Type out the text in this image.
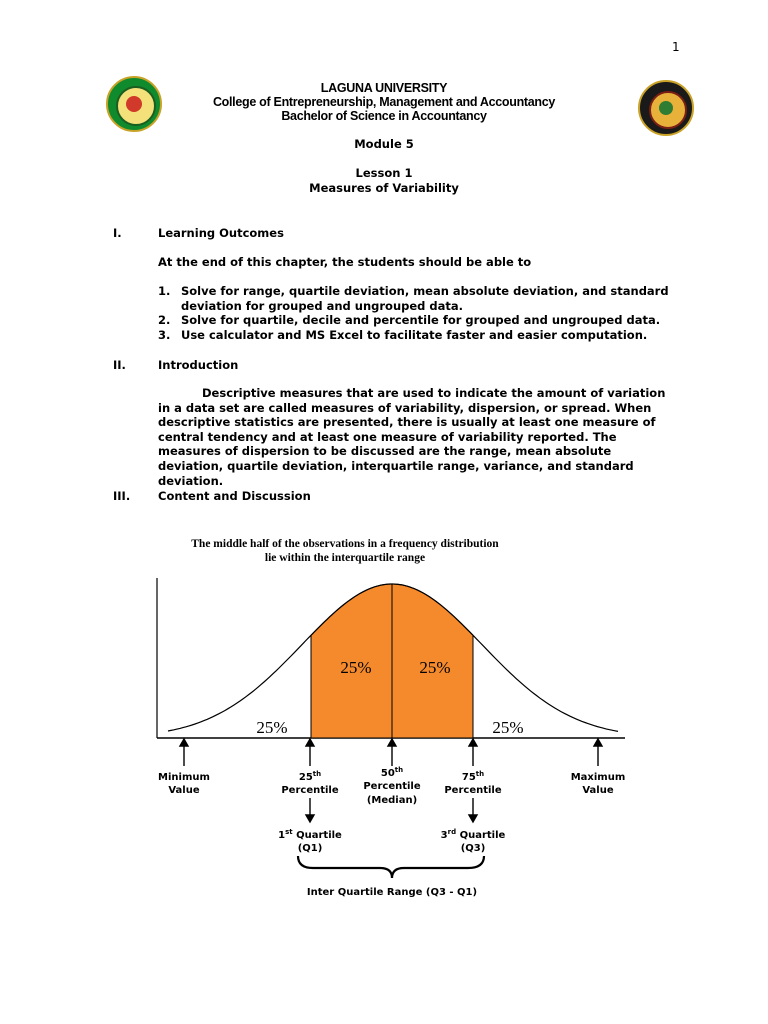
1
LAGUNA UNIVERSITY
College of Entrepreneurship, Management and Accountancy
Bachelor of Science in Accountancy
Module 5
Lesson 1
Measures of Variability
I.	Learning Outcomes
At the end of this chapter, the students should be able to
1. Solve for range, quartile deviation, mean absolute deviation, and standard deviation for grouped and ungrouped data.
2. Solve for quartile, decile and percentile for grouped and ungrouped data.
3. Use calculator and MS Excel to facilitate faster and easier computation.
II.	Introduction
Descriptive measures that are used to indicate the amount of variation in a data set are called measures of variability, dispersion, or spread. When descriptive statistics are presented, there is usually at least one measure of central tendency and at least one measure of variability reported. The measures of dispersion to be discussed are the range, mean absolute deviation, quartile deviation, interquartile range, variance, and standard deviation.
III. Content and Discussion
The middle half of the observations in a frequency distribution
lie within the interquartile range
25%
25%	25%
25%
Minimum
Value
25th
Percentile
50th
Percentile
(Median)
75th
Percentile
Maximum
Value
1st $_{Quartile}$
(Q1)
3rd $_{Quartile}$
(Q3)
Inter Quartile Range (Q3 - Q1)
